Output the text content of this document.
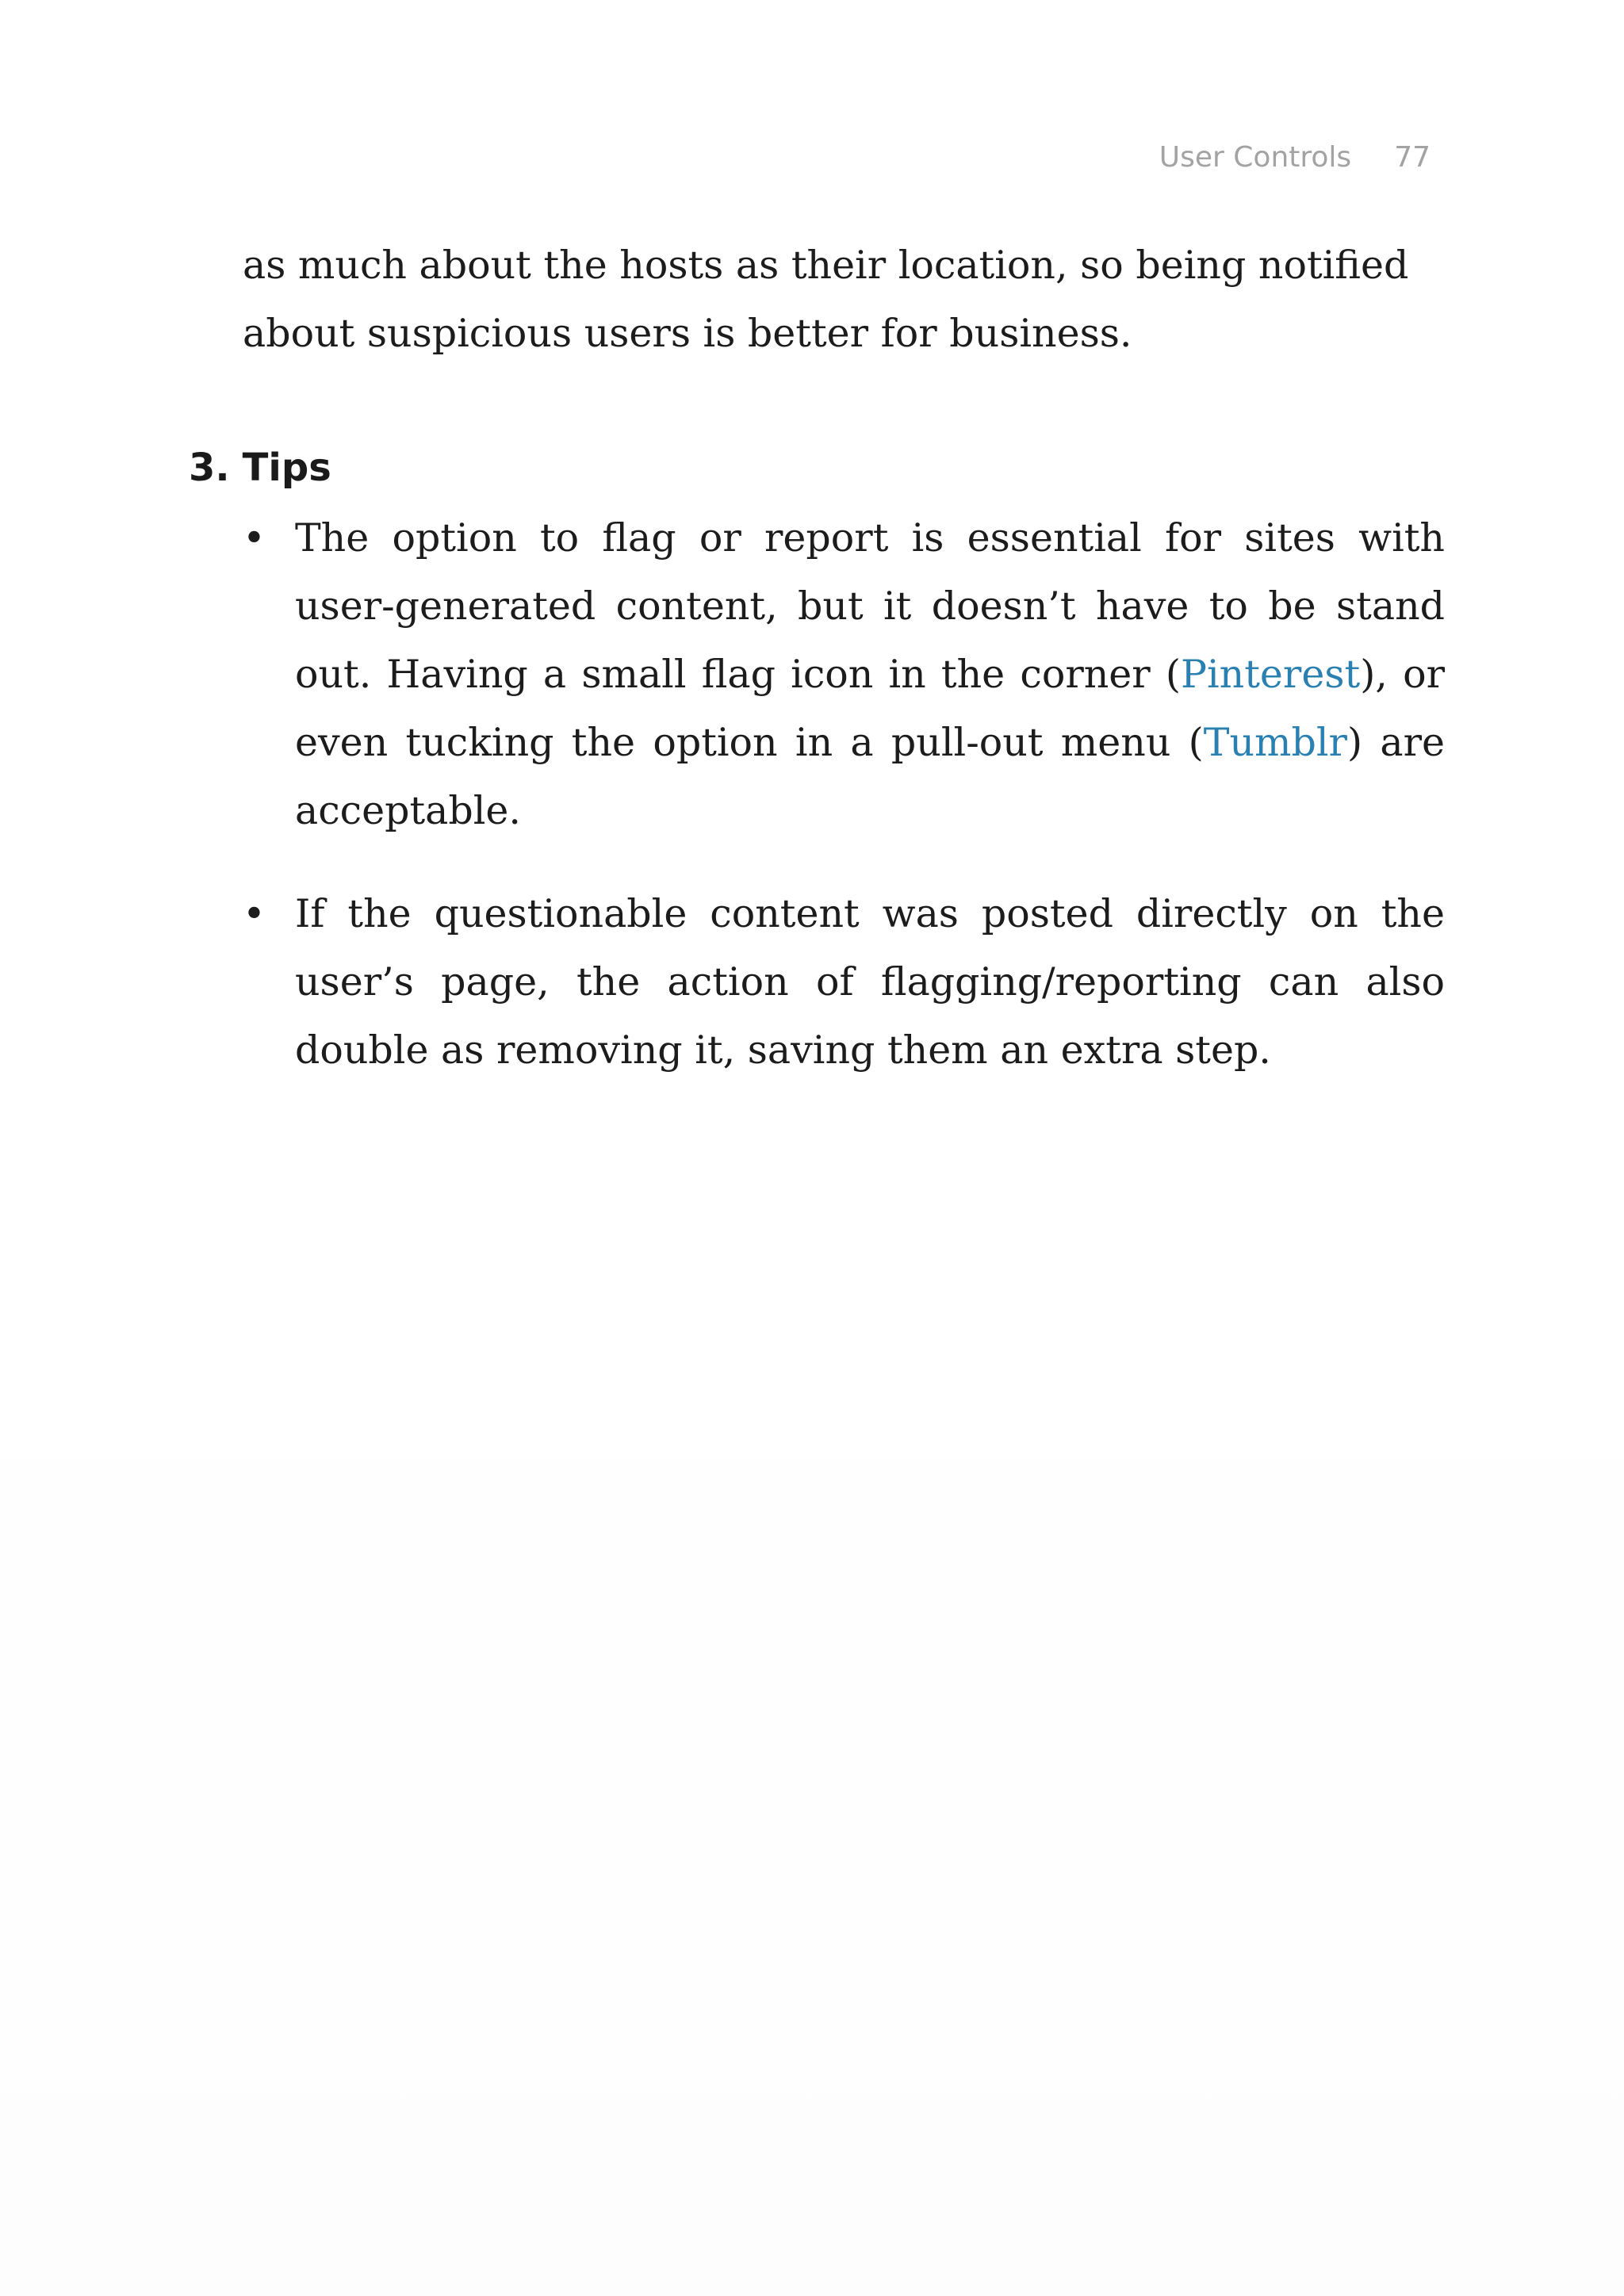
User Controls 77

as much about the hosts as their location, so being notified about suspicious users is better for business.

3. Tips
• The option to flag or report is essential for sites with user-generated content, but it doesn’t have to be stand out. Having a small flag icon in the corner (Pinterest), or even tucking the option in a pull-out menu (Tumblr) are acceptable.
• If the questionable content was posted directly on the user’s page, the action of flagging/reporting can also double as removing it, saving them an extra step.
